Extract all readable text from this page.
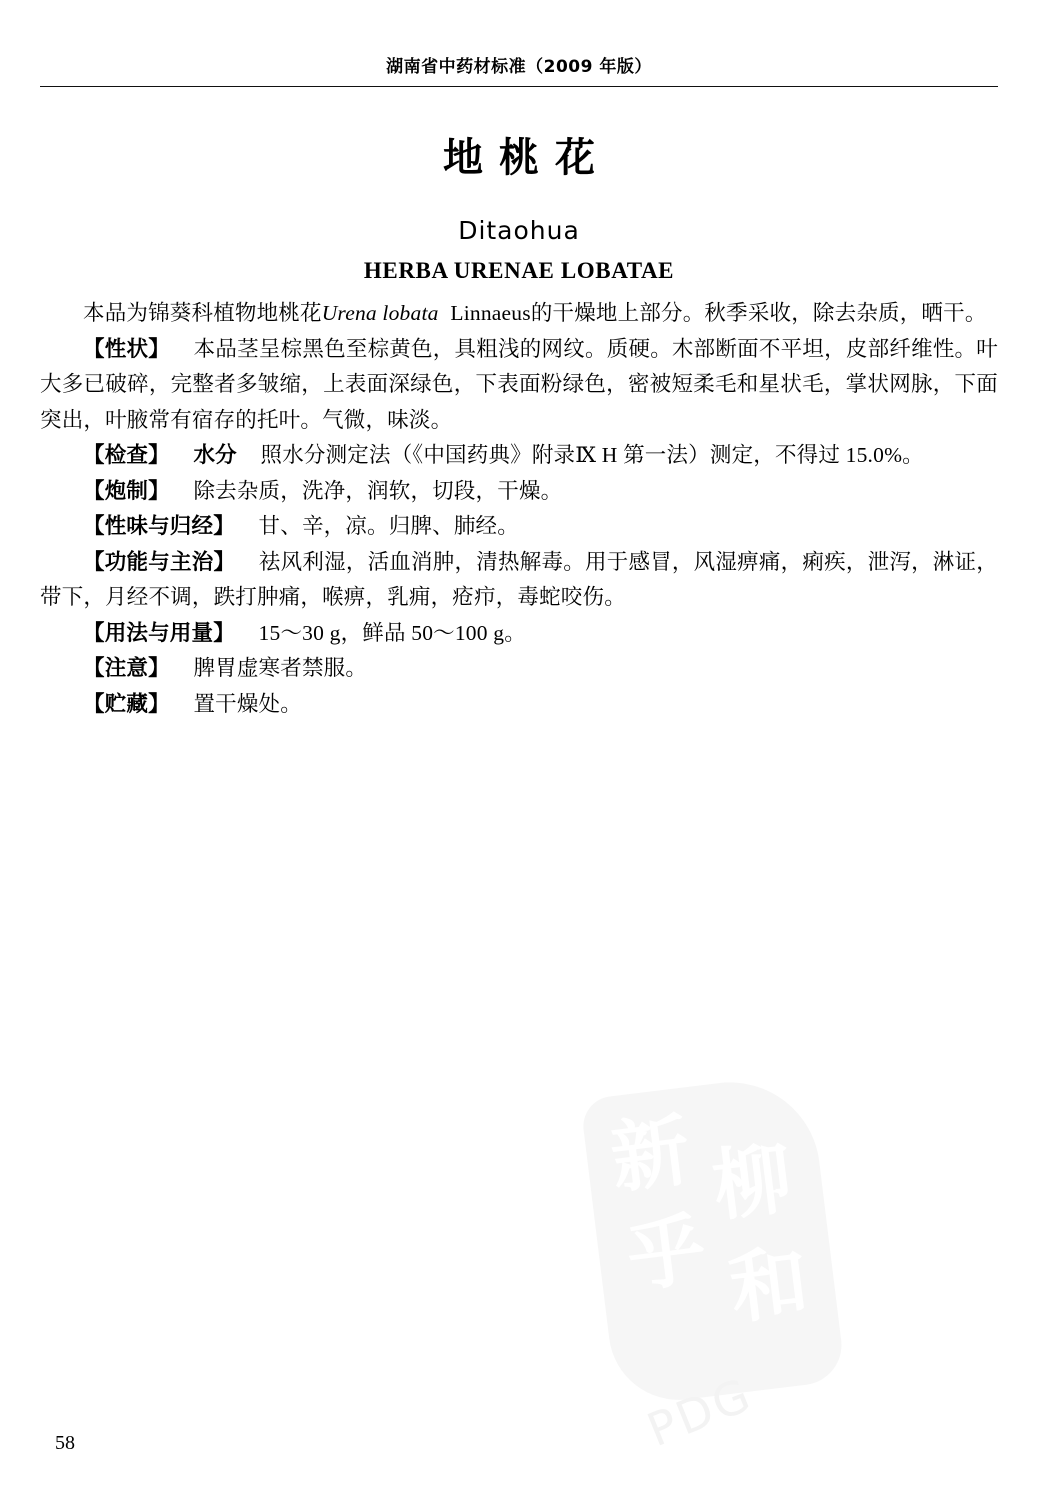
湖南省中药材标准（2009 年版）
地桃花
Ditaohua
HERBA URENAE LOBATAE

本品为锦葵科植物地桃花Urena lobata Linnaeus的干燥地上部分。秋季采收，除去杂质，晒干。

【性状】 本品茎呈棕黑色至棕黄色，具粗浅的网纹。质硬。木部断面不平坦，皮部纤维性。叶大多已破碎，完整者多皱缩，上表面深绿色，下表面粉绿色，密被短柔毛和星状毛，掌状网脉，下面突出，叶腋常有宿存的托叶。气微，味淡。

【检查】 水分 照水分测定法（《中国药典》附录Ⅸ H 第一法）测定，不得过 15.0%。

【炮制】 除去杂质，洗净，润软，切段，干燥。

【性味与归经】 甘、辛，凉。归脾、肺经。

【功能与主治】 祛风利湿，活血消肿，清热解毒。用于感冒，风湿痹痛，痢疾，泄泻，淋证，带下，月经不调，跌打肿痛，喉痹，乳痈，疮疖，毒蛇咬伤。

【用法与用量】 15～30 g，鲜品 50～100 g。

【注意】 脾胃虚寒者禁服。

【贮藏】 置干燥处。

新 柳
乎 和
PDG
58
